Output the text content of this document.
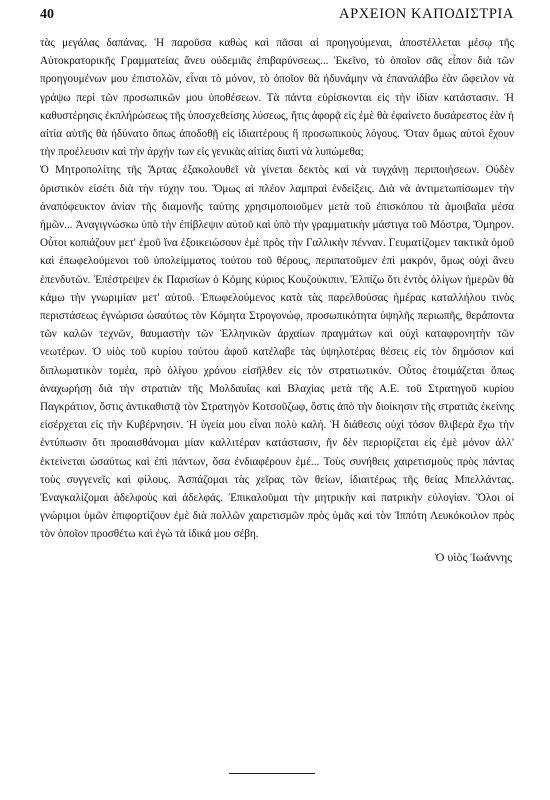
40	ΑΡΧΕΙΟΝ ΚΑΠΟΔΙΣΤΡΙΑ

τὰς μεγάλας δαπάνας. Ἡ παροῦσα καθὼς καὶ πᾶσαι αἱ προηγούμεναι, ἀποστέλλεται μέσῳ τῆς Αὐτοκρατορικῆς Γραμματείας ἄνευ οὐδεμιᾶς ἐπιβαρύνσεως... Ἐκεῖνο, τὸ ὁποῖον σᾶς εἶπον διὰ τῶν προηγουμένων μου ἐπιστολῶν, εἶναι τὸ μόνον, τὸ ὁποῖον θὰ ἠδυνάμην νὰ ἐπαναλάβω ἐὰν ὤφειλον νὰ γράψω περὶ τῶν προσωπικῶν μου ὑποθέσεων. Τὰ πάντα εὑρίσκονται εἰς τὴν ἰδίαν κατάστασιν. Ἡ καθυστέρησις ἐκπλήρώσεως τῆς ὑποσχεθείσης λύσεως, ἥτις ἀφορᾷ εἰς ἐμὲ θὰ ἐφαίνετο δυσάρεστος ἐὰν ἡ αἰτία αὐτῆς θὰ ἠδύνατο ὅπως ἀποδοθῇ εἰς ἰδιαιτέρους ἢ προσωπικοὺς λόγους. Ὅταν ὅμως αὐτοὶ ἔχουν τὴν προέλευσιν καὶ τὴν ἀρχήν των εἰς γενικὰς αἰτίας διατὶ νὰ λυπώμεθα;

Ὁ Μητροπολίτης τῆς Ἄρτας ἐξακολουθεῖ νὰ γίνεται δεκτὸς καὶ νὰ τυγχάνῃ περιποιήσεων. Οὐδὲν ὁριστικὸν εἰσέτι διὰ τὴν τύχην του. Ὅμως αἱ πλέον λαμπραὶ ἐνδείξεις. Διὰ νὰ ἀντιμετωπίσωμεν τὴν ἀναπόφευκτον ἀνίαν τῆς διαμονῆς ταύτης χρησιμοποιοῦμεν μετὰ τοῦ ἐπισκόπου τὰ ἀμοιβαῖα μέσα ἡμῶν... Ἀναγιγνώσκω ὑπὸ τὴν ἐπίβλεψιν αὐτοῦ καὶ ὑπὸ τὴν γραμματικὴν μάστιγα τοῦ Μόστρα, Ὅμηρον. Οὗτοι κοπιάζουν μετ' ἐμοῦ ἵνα ἐξοικειώσουν ἐμὲ πρὸς τὴν Γαλλικὴν πένναν. Γευματίζομεν τακτικὰ ὁμοῦ καὶ ἐπωφελούμενοι τοῦ ὑπολείμματος τούτου τοῦ θέρους, περιπατοῦμεν ἐπὶ μακρόν, ὅμως οὐχὶ ἄνευ ἐπενδυτῶν. Ἐπέστρεψεν ἐκ Παρισίων ὁ Κόμης κύριος Κουζούκιπιν. Ἐλπίζω ὅτι ἐντὸς ὀλίγων ἡμερῶν θὰ κάμω τὴν γνωριμίαν μετ' αὐτοῦ. Ἐπωφελούμενος κατὰ τὰς παρελθούσας ἡμέρας καταλλήλου τινὸς περιστάσεως ἐγνώρισα ὡσαύτως τὸν Κόμητα Στρογονώφ, προσωπικότητα ὑψηλῆς περιωπῆς, θεράποντα τῶν καλῶν τεχνῶν, θαυμαστὴν τῶν Ἑλληνικῶν ἀρχαίων πραγμάτων καὶ οὐχὶ καταφρονητὴν τῶν νεωτέρων. Ὁ υἱὸς τοῦ κυρίου τούτου ἀφοῦ κατέλαβε τὰς ὑψηλοτέρας θέσεις εἰς τὸν δημόσιον καὶ διπλωματικὸν τομέα, πρὸ ὀλίγου χρόνου εἰσῆλθεν εἰς τὸν στρατιωτικόν. Οὗτος ἑτοιμάζεται ὅπως ἀναχωρήσῃ διὰ τὴν στρατιὰν τῆς Μολδαυΐας καὶ Βλαχίας μετὰ τῆς Α.Ε. τοῦ Στρατηγοῦ κυρίου Παγκράτιον, ὅστις ἀντικαθιστᾷ τὸν Στρατηγὸν Κοτσοῦζωφ, ὅστις ἀπὸ τὴν διοίκησιν τῆς στρατιᾶς ἐκείνης εἰσέρχεται εἰς τὴν Κυβέρνησιν. Ἡ ὑγεία μου εἶναι πολὺ καλή. Ἡ διάθεσις οὐχὶ τόσον θλιβερὰ ἔχω τὴν ἐντύπωσιν ὅτι προαισθάνομαι μίαν καλλιτέραν κατάστασιν, ἥν δὲν περιορίζεται εἰς ἐμὲ μόνον ἀλλ' ἐκτείνεται ὡσαύτως καὶ ἐπὶ πάντων, ὅσα ἐνδιαφέρουν ἐμέ... Τοὺς συνήθεις χαιρετισμοὺς πρὸς πάντας τοὺς συγγενεῖς καὶ φίλους. Ἀσπάζομαι τὰς χεῖρας τῶν θείων, ἰδιαιτέρως τῆς θείας Μπελλάντας. Ἐναγκαλίζομαι ἀδελφοὺς καὶ ἀδελφάς. Ἐπικαλοῦμαι τὴν μητρικὴν καὶ πατρικὴν εὐλογίαν. Ὅλοι οἱ γνώριμοι ὑμῶν ἐπιφορτίζουν ἐμὲ διὰ πολλῶν χαιρετισμῶν πρὸς ὑμᾶς καὶ τὸν Ἱππότη Λευκόκοιλον πρὸς τὸν ὁποῖον προσθέτω καὶ ἐγὼ τὰ ἰδικά μου σέβη.

Ὁ υἱὸς Ἰωάννης
